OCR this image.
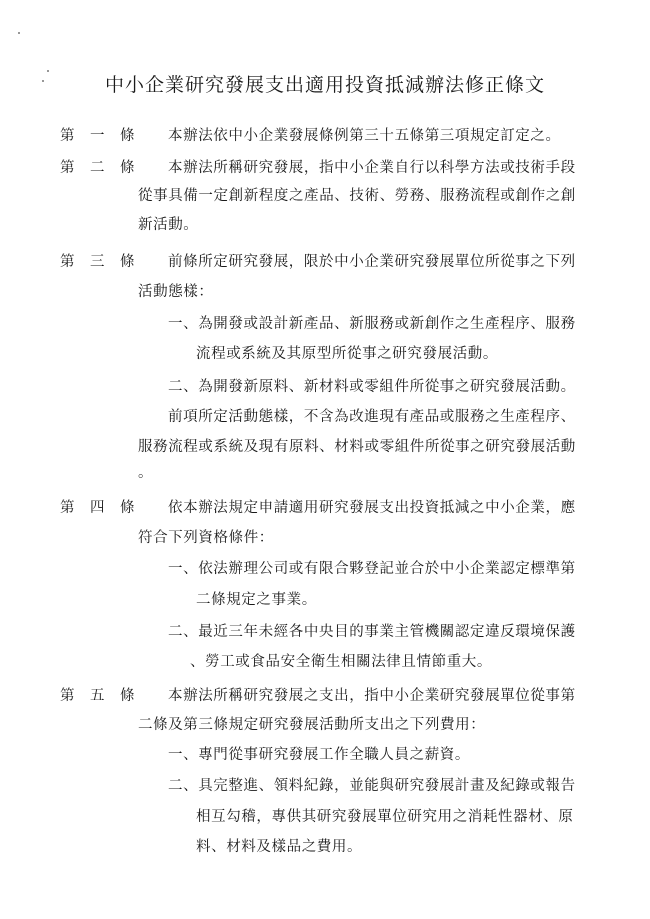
中小企業研究發展支出適用投資抵減辦法修正條文
第 一 條 本辦法依中小企業發展條例第三十五條第三項規定訂定之。
第 二 條 本辦法所稱研究發展，指中小企業自行以科學方法或技術手段
從事具備一定創新程度之產品、技術、勞務、服務流程或創作之創
新活動。
第 三 條 前條所定研究發展，限於中小企業研究發展單位所從事之下列
活動態樣：
一、為開發或設計新產品、新服務或新創作之生產程序、服務
流程或系統及其原型所從事之研究發展活動。
二、為開發新原料、新材料或零組件所從事之研究發展活動。
前項所定活動態樣，不含為改進現有產品或服務之生產程序、
服務流程或系統及現有原料、材料或零組件所從事之研究發展活動
。
第 四 條 依本辦法規定申請適用研究發展支出投資抵減之中小企業，應
符合下列資格條件：
一、依法辦理公司或有限合夥登記並合於中小企業認定標準第
二條規定之事業。
二、最近三年未經各中央目的事業主管機關認定違反環境保護
、勞工或食品安全衛生相關法律且情節重大。
第 五 條 本辦法所稱研究發展之支出，指中小企業研究發展單位從事第
二條及第三條規定研究發展活動所支出之下列費用：
一、專門從事研究發展工作全職人員之薪資。
二、具完整進、領料紀錄，並能與研究發展計畫及紀錄或報告
相互勾稽，專供其研究發展單位研究用之消耗性器材、原
料、材料及樣品之費用。
